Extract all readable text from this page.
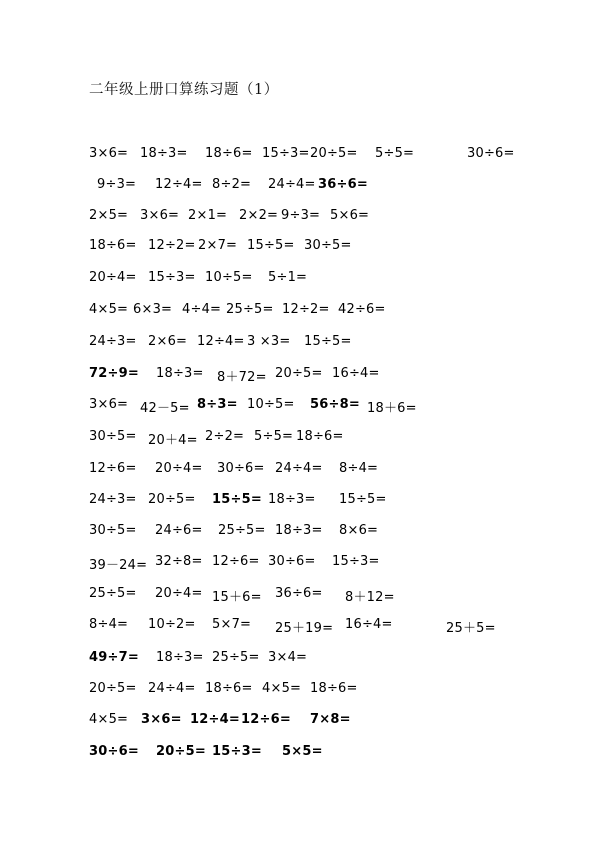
二年级上册口算练习题（1）
3×6= 18÷3= 18÷6= 15÷3= 20÷5= 5÷5=	30÷6=
9÷3= 12÷4= 8÷2= 24÷4= 36÷6=
2×5= 3×6= 2×1= 2×2= 9÷3= 5×6=
18÷6= 12÷2= 2×7= 15÷5= 30÷5=
20÷4= 15÷3= 10÷5= 5÷1=
4×5= 6×3= 4÷4= 25÷5= 12÷2= 42÷6=
24÷3= 2×6= 12÷4= 3 ×3= 15÷5=
72÷9= 18÷3= 8＋72= 20÷5= 16÷4=
3×6= 42－5= 8÷3= 10÷5= 56÷8= 18＋6=
30÷5= 20＋4= 2÷2= 5÷5= 18÷6=
12÷6= 20÷4= 30÷6= 24÷4= 8÷4=
24÷3= 20÷5= 15÷5= 18÷3= 15÷5=
30÷5= 24÷6= 25÷5= 18÷3= 8×6=
39－24= 32÷8= 12÷6= 30÷6= 15÷3=
25÷5= 20÷4= 15＋6= 36÷6= 8＋12=
8÷4= 10÷2= 5×7= 25＋19= 16÷4=	25＋5=
49÷7= 18÷3= 25÷5= 3×4=
20÷5= 24÷4= 18÷6= 4×5= 18÷6=
4×5= 3×6= 12÷4= 12÷6= 7×8=
30÷6= 20÷5= 15÷3= 5×5=
